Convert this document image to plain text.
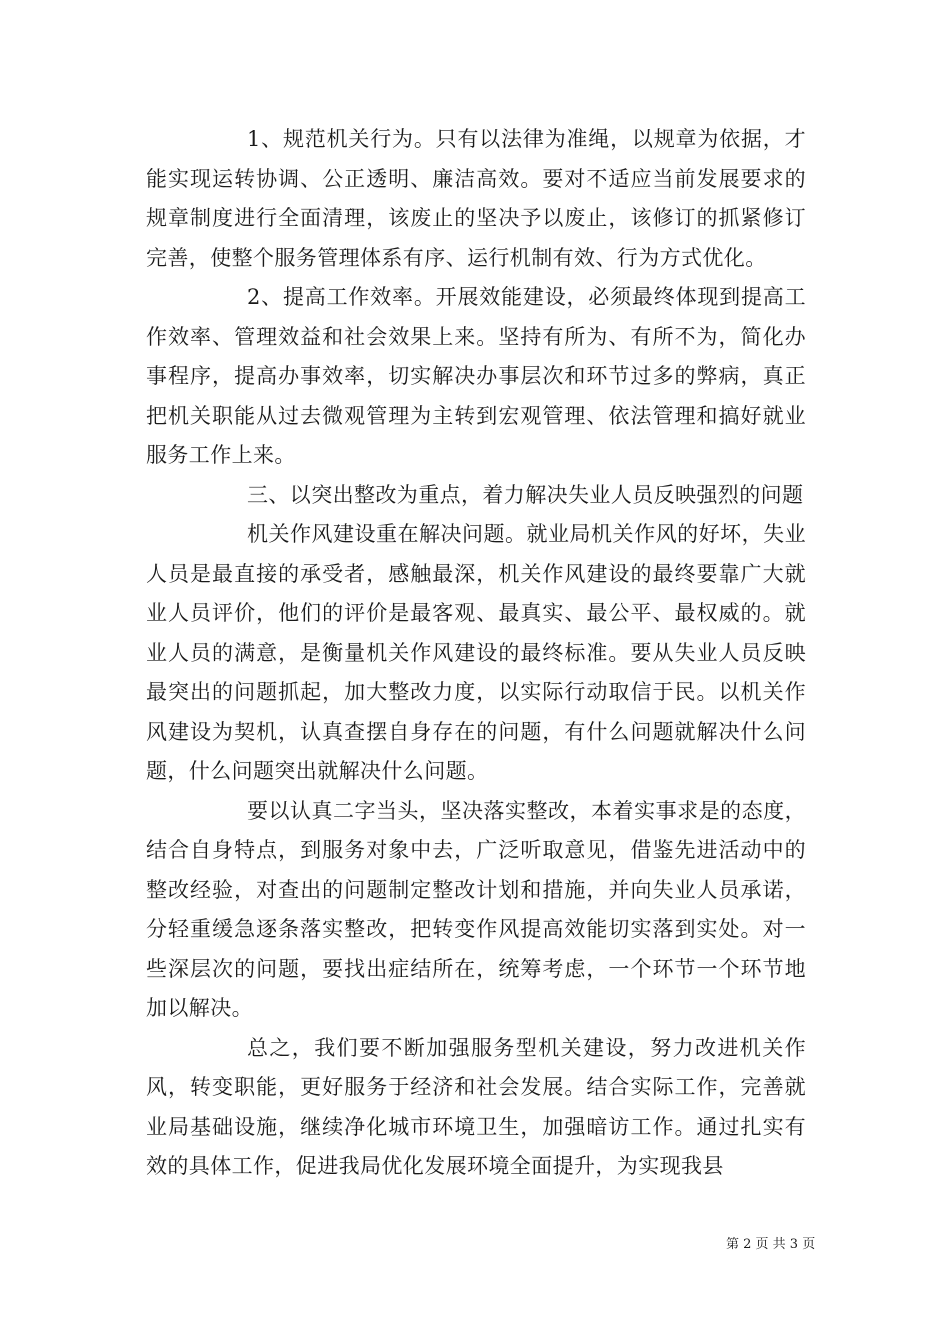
1、规范机关行为。只有以法律为准绳，以规章为依据，才能实现运转协调、公正透明、廉洁高效。要对不适应当前发展要求的规章制度进行全面清理，该废止的坚决予以废止，该修订的抓紧修订完善，使整个服务管理体系有序、运行机制有效、行为方式优化。

2、提高工作效率。开展效能建设，必须最终体现到提高工作效率、管理效益和社会效果上来。坚持有所为、有所不为，简化办事程序，提高办事效率，切实解决办事层次和环节过多的弊病，真正把机关职能从过去微观管理为主转到宏观管理、依法管理和搞好就业服务工作上来。

三、以突出整改为重点，着力解决失业人员反映强烈的问题

机关作风建设重在解决问题。就业局机关作风的好坏，失业人员是最直接的承受者，感触最深，机关作风建设的最终要靠广大就业人员评价，他们的评价是最客观、最真实、最公平、最权威的。就业人员的满意，是衡量机关作风建设的最终标准。要从失业人员反映最突出的问题抓起，加大整改力度，以实际行动取信于民。以机关作风建设为契机，认真查摆自身存在的问题，有什么问题就解决什么问题，什么问题突出就解决什么问题。

要以认真二字当头，坚决落实整改，本着实事求是的态度，结合自身特点，到服务对象中去，广泛听取意见，借鉴先进活动中的整改经验，对查出的问题制定整改计划和措施，并向失业人员承诺，分轻重缓急逐条落实整改，把转变作风提高效能切实落到实处。对一些深层次的问题，要找出症结所在，统筹考虑，一个环节一个环节地加以解决。

总之，我们要不断加强服务型机关建设，努力改进机关作风，转变职能，更好服务于经济和社会发展。结合实际工作，完善就业局基础设施，继续净化城市环境卫生，加强暗访工作。通过扎实有效的具体工作，促进我局优化发展环境全面提升，为实现我县

第 2 页 共 3 页
